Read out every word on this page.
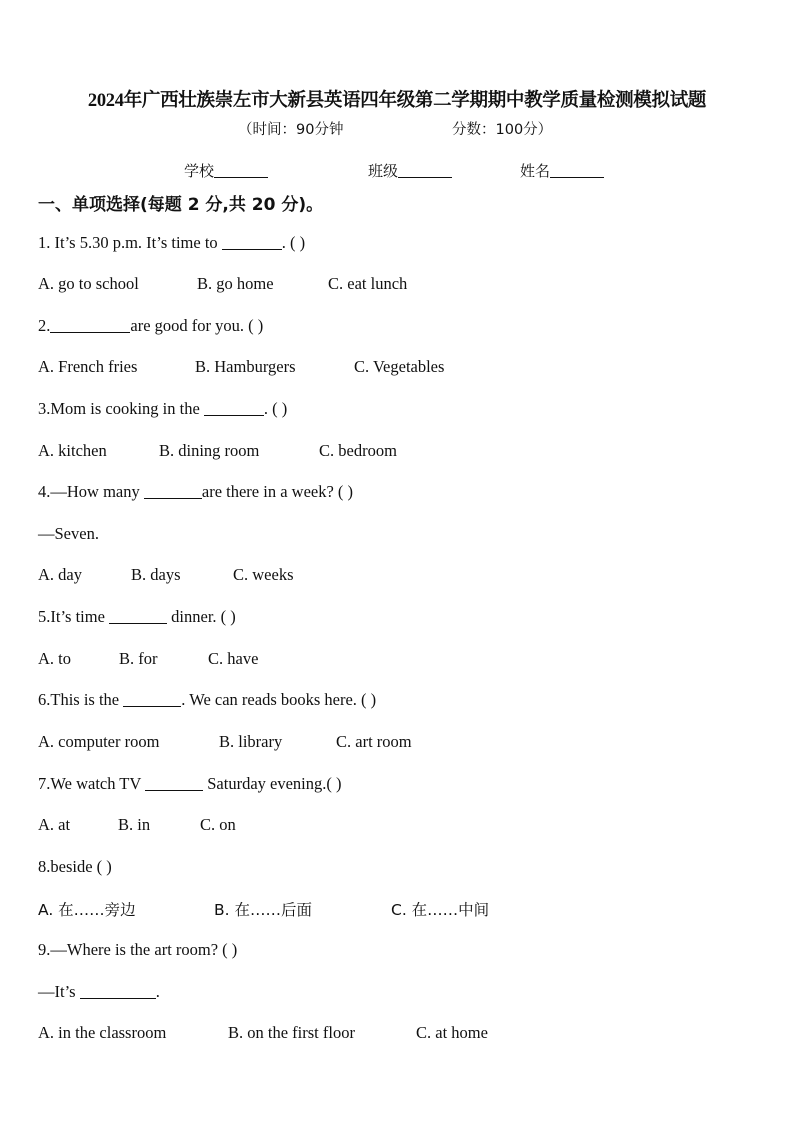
2024年广西壮族崇左市大新县英语四年级第二学期期中教学质量检测模拟试题
（时间：90分钟	分数：100分）
学校	班级	姓名
一、单项选择(每题 2 分,共 20 分)。
1. It’s 5.30 p.m. It’s time to	. ( )
A. go to school	B. go home	C. eat lunch
2.	are good for you. ( )
A. French fries	B. Hamburgers	C. Vegetables
3.Mom is cooking in the	. ( )
A. kitchen	B. dining room	C. bedroom
4.—How many	are there in a week? ( )
—Seven.
A. day	B. days	C. weeks
5.It’s time	dinner. ( )
A. to	B. for	C. have
6.This is the	. We can reads books here. ( )
A. computer room	B. library	C. art room
7.We watch TV	Saturday evening.( )
A. at	B. in	C. on
8.beside ( )
A. 在……旁边	B. 在……后面	C. 在……中间
9.—Where is the art room? ( )
—It’s	.
A. in the classroom	B. on the first floor	C. at home
